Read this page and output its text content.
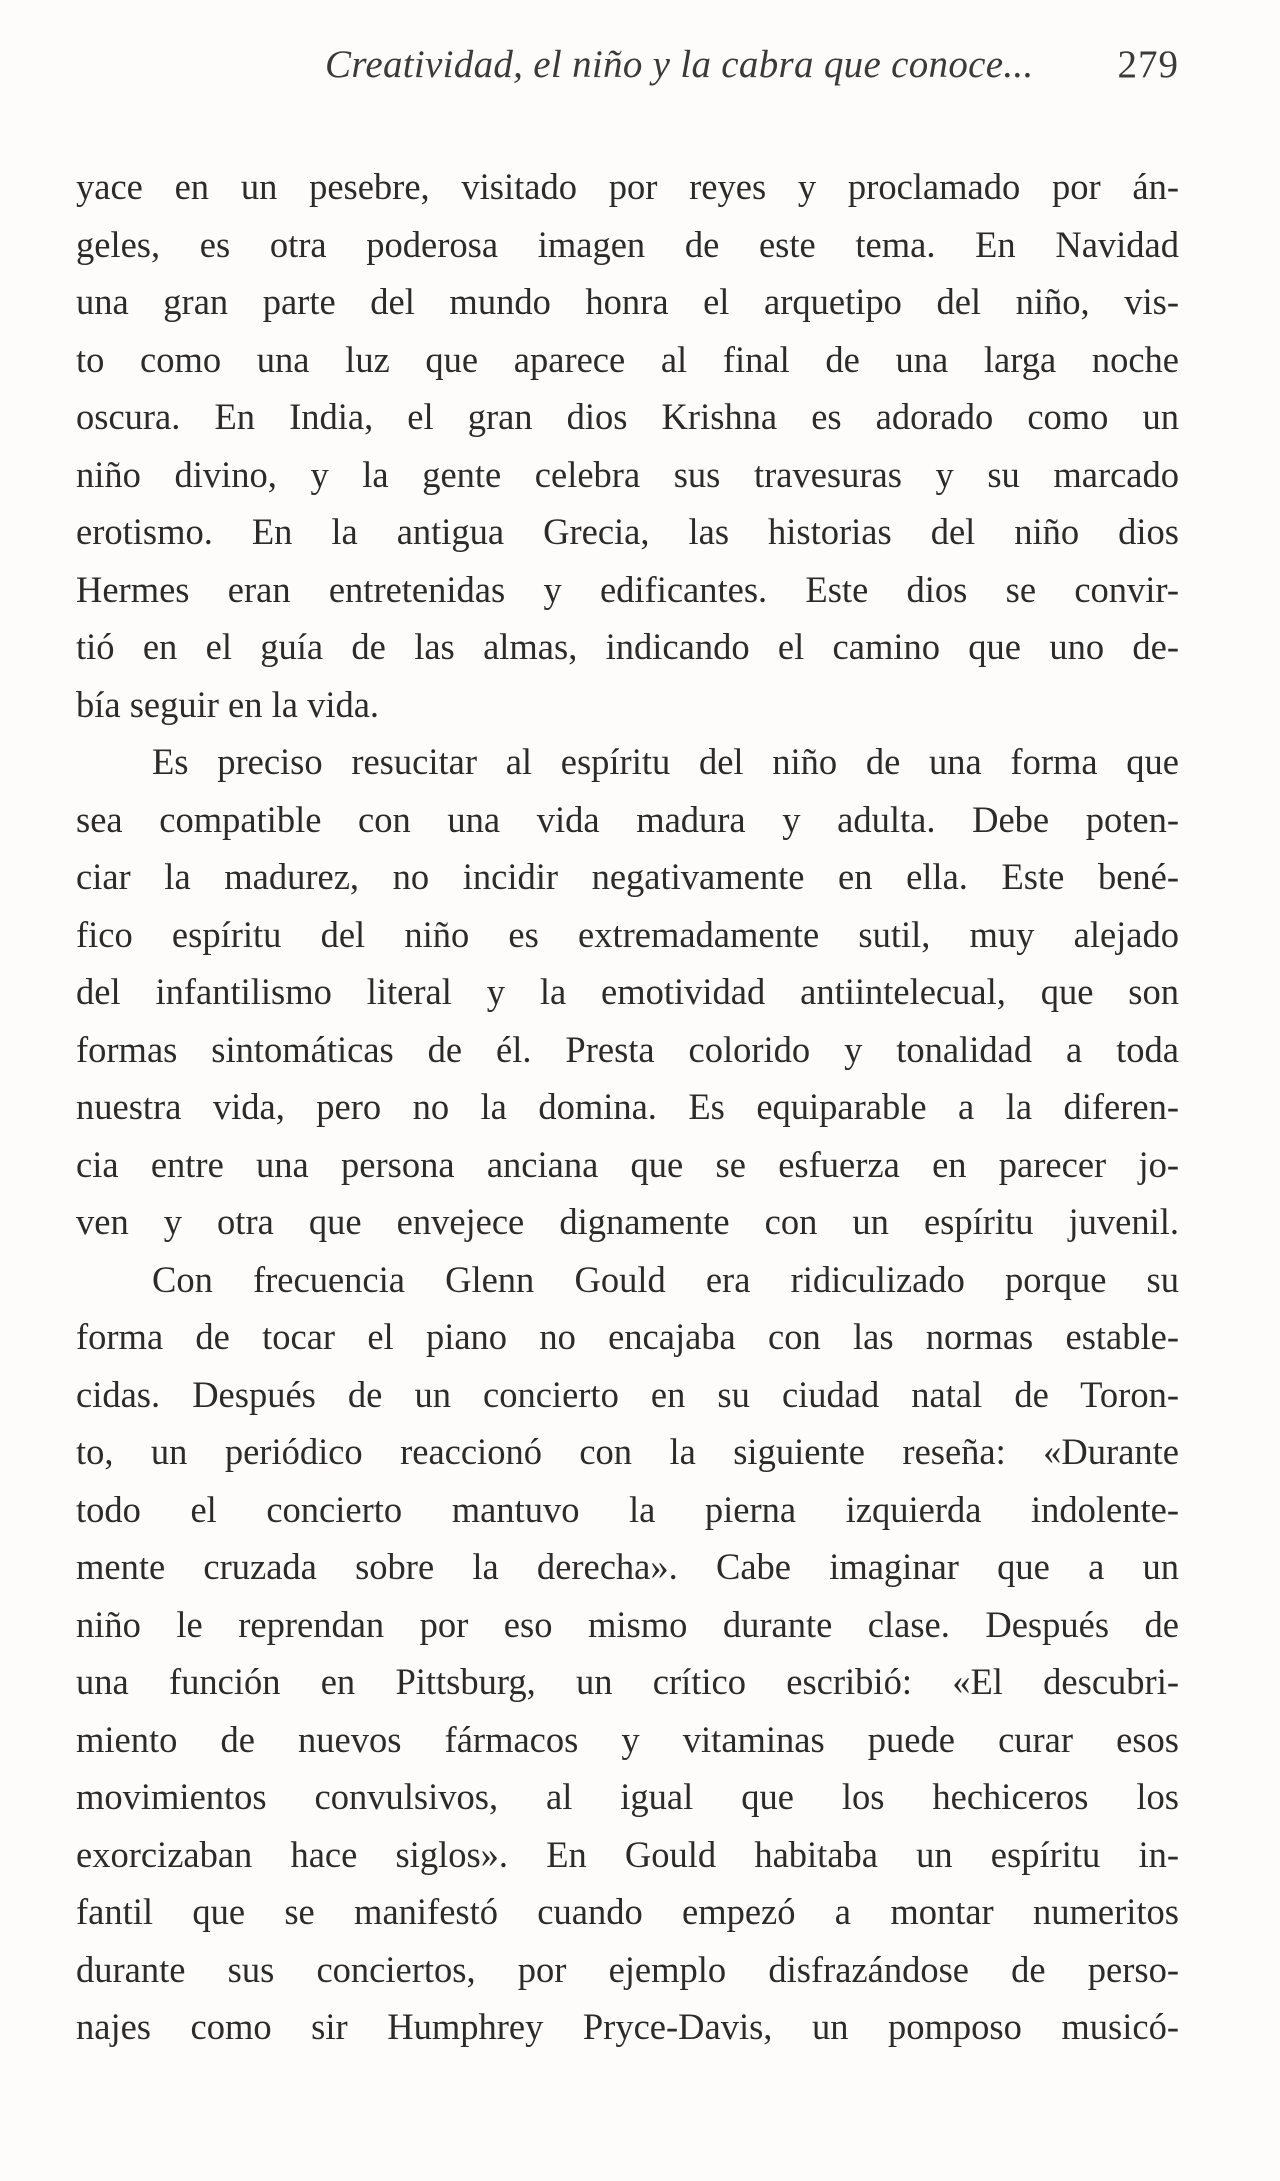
Creatividad, el niño y la cabra que conoce... 279
yace en un pesebre, visitado por reyes y proclamado por án-
geles, es otra poderosa imagen de este tema. En Navidad
una gran parte del mundo honra el arquetipo del niño, vis-
to como una luz que aparece al final de una larga noche
oscura. En India, el gran dios Krishna es adorado como un
niño divino, y la gente celebra sus travesuras y su marcado
erotismo. En la antigua Grecia, las historias del niño dios
Hermes eran entretenidas y edificantes. Este dios se convir-
tió en el guía de las almas, indicando el camino que uno de-
bía seguir en la vida.
Es preciso resucitar al espíritu del niño de una forma que
sea compatible con una vida madura y adulta. Debe poten-
ciar la madurez, no incidir negativamente en ella. Este bené-
fico espíritu del niño es extremadamente sutil, muy alejado
del infantilismo literal y la emotividad antiintelecual, que son
formas sintomáticas de él. Presta colorido y tonalidad a toda
nuestra vida, pero no la domina. Es equiparable a la diferen-
cia entre una persona anciana que se esfuerza en parecer jo-
ven y otra que envejece dignamente con un espíritu juvenil.
Con frecuencia Glenn Gould era ridiculizado porque su
forma de tocar el piano no encajaba con las normas estable-
cidas. Después de un concierto en su ciudad natal de Toron-
to, un periódico reaccionó con la siguiente reseña: «Durante
todo el concierto mantuvo la pierna izquierda indolente-
mente cruzada sobre la derecha». Cabe imaginar que a un
niño le reprendan por eso mismo durante clase. Después de
una función en Pittsburg, un crítico escribió: «El descubri-
miento de nuevos fármacos y vitaminas puede curar esos
movimientos convulsivos, al igual que los hechiceros los
exorcizaban hace siglos». En Gould habitaba un espíritu in-
fantil que se manifestó cuando empezó a montar numeritos
durante sus conciertos, por ejemplo disfrazándose de perso-
najes como sir Humphrey Pryce-Davis, un pomposo musicó-
